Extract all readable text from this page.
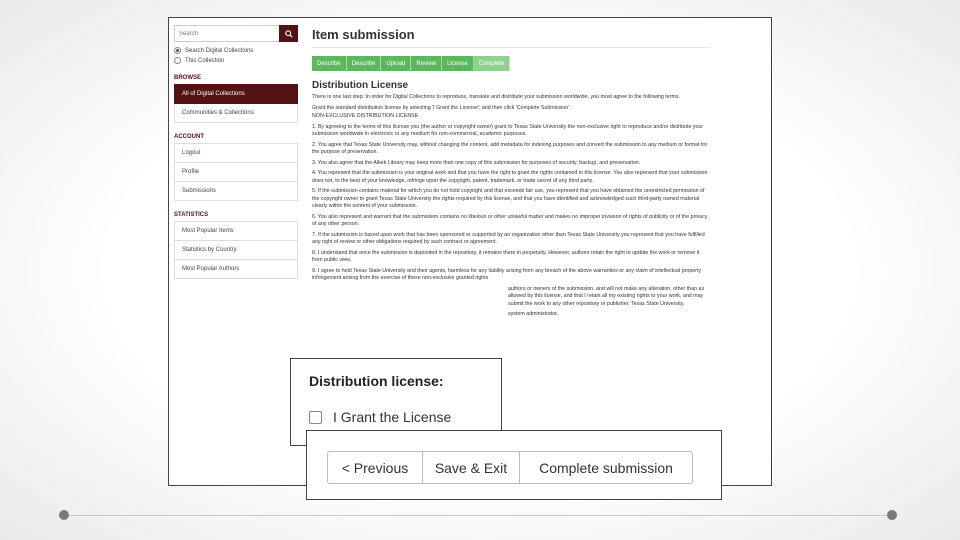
Search
Search Digital Collections
This Collection
BROWSE
All of Digital Collections
Communities & Collections
ACCOUNT
Logout
Profile
Submissions
STATISTICS
Most Popular Items
Statistics by Country
Most Popular Authors
Item submission
Describe	Describe	Upload	Review	License	Complete
Distribution License
There is one last step: In order for Digital Collections to reproduce, translate and distribute your submission worldwide, you must agree to the following terms.
Grant the standard distribution license by selecting 'I Grant the License'; and then click 'Complete Submission'.
NON-EXCLUSIVE DISTRIBUTION LICENSE
1. By agreeing to the terms of this license you (the author or copyright owner) grant to Texas State University the non-exclusive right to reproduce and/or distribute your submission worldwide in electronic or any medium for non-commercial, academic purposes.
2. You agree that Texas State University may, without changing the content, add metadata for indexing purposes and convert the submission to any medium or format for the purpose of preservation.
3. You also agree that the Alkek Library may keep more than one copy of this submission for purposes of security, backup, and preservation.
4. You represent that the submission is your original work and that you have the right to grant the rights contained in this license. You also represent that your submission does not, to the best of your knowledge, infringe upon the copyright, patent, trademark, or trade secret of any third party.
5. If the submission contains material for which you do not hold copyright and that exceeds fair use, you represent that you have obtained the unrestricted permission of the copyright owner to grant Texas State University the rights required by this license, and that you have identified and acknowledged such third-party owned material clearly within the content of your submission.
6. You also represent and warrant that the submission contains no libelous or other unlawful matter and makes no improper invasion of rights of publicity or of the privacy of any other person.
7. If the submission is based upon work that has been sponsored or supported by an organization other than Texas State University you represent that you have fulfilled any right of review or other obligations required by such contract or agreement.
8. I understand that once the submission is deposited in the repository, it remains there in perpetuity. However, authors retain the right to update the work or remove it from public view.
9. I agree to hold Texas State University and their agents, harmless for any liability arising from any breach of the above warranties or any claim of intellectual property infringement arising from the exercise of these non-exclusive granted rights
authors or owners of the submission, and will not make any alteration, other than as allowed by this license, and that I retain all my existing rights to your work, and may submit the work to any other repository or publisher. Texas State University.
system administrator.
Distribution license:
I Grant the License
< Previous	Save & Exit	Complete submission
